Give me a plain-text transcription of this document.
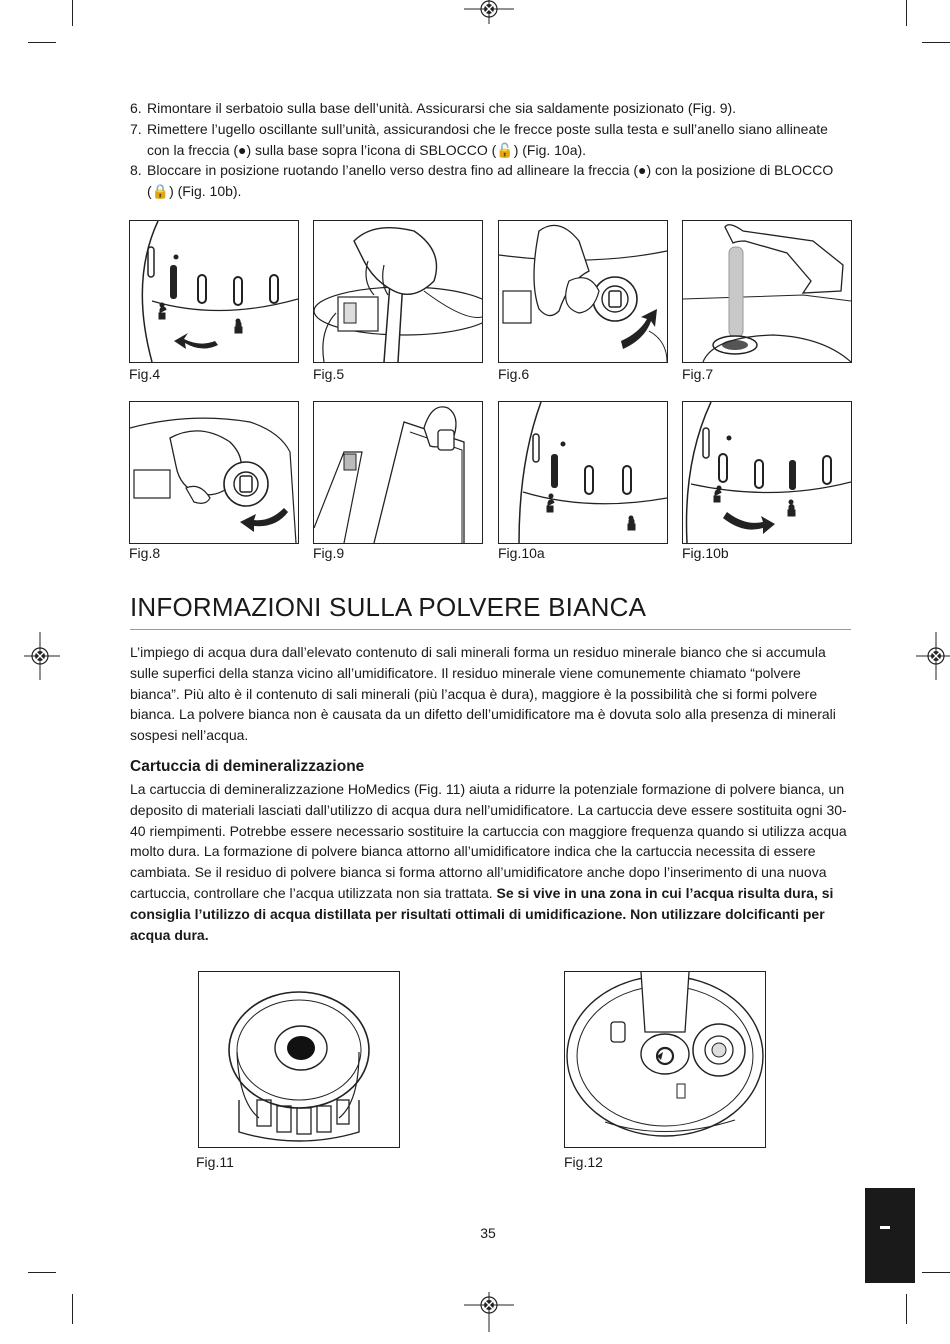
6. Rimontare il serbatoio sulla base dell’unità. Assicurarsi che sia saldamente posizionato (Fig. 9).
7. Rimettere l’ugello oscillante sull’unità, assicurandosi che le frecce poste sulla testa e sull’anello siano allineate con la freccia (●) sulla base sopra l’icona di SBLOCCO (🔓) (Fig. 10a).
8. Bloccare in posizione ruotando l’anello verso destra fino ad allineare la freccia (●) con la posizione di BLOCCO (🔒) (Fig. 10b).
Fig.4	Fig.5	Fig.6	Fig.7
Fig.8	Fig.9	Fig.10a	Fig.10b
INFORMAZIONI SULLA POLVERE BIANCA

L’impiego di acqua dura dall’elevato contenuto di sali minerali forma un residuo minerale bianco che si accumula sulle superfici della stanza vicino all’umidificatore. Il residuo minerale viene comunemente chiamato “polvere bianca”. Più alto è il contenuto di sali minerali (più l’acqua è dura), maggiore è la possibilità che si formi polvere bianca. La polvere bianca non è causata da un difetto dell’umidificatore ma è dovuta solo alla presenza di minerali sospesi nell’acqua.

Cartuccia di demineralizzazione

La cartuccia di demineralizzazione HoMedics (Fig. 11) aiuta a ridurre la potenziale formazione di polvere bianca, un deposito di materiali lasciati dall’utilizzo di acqua dura nell’umidificatore. La cartuccia deve essere sostituita ogni 30-40 riempimenti. Potrebbe essere necessario sostituire la cartuccia con maggiore frequenza quando si utilizza acqua molto dura. La formazione di polvere bianca attorno all’umidificatore indica che la cartuccia necessita di essere cambiata. Se il residuo di polvere bianca si forma attorno all’umidificatore anche dopo l’inserimento di una nuova cartuccia, controllare che l’acqua utilizzata non sia trattata. Se si vive in una zona in cui l’acqua risulta dura, si consiglia l’utilizzo di acqua distillata per risultati ottimali di umidificazione. Non utilizzare dolcificanti per acqua dura.

Fig.11	Fig.12
35
